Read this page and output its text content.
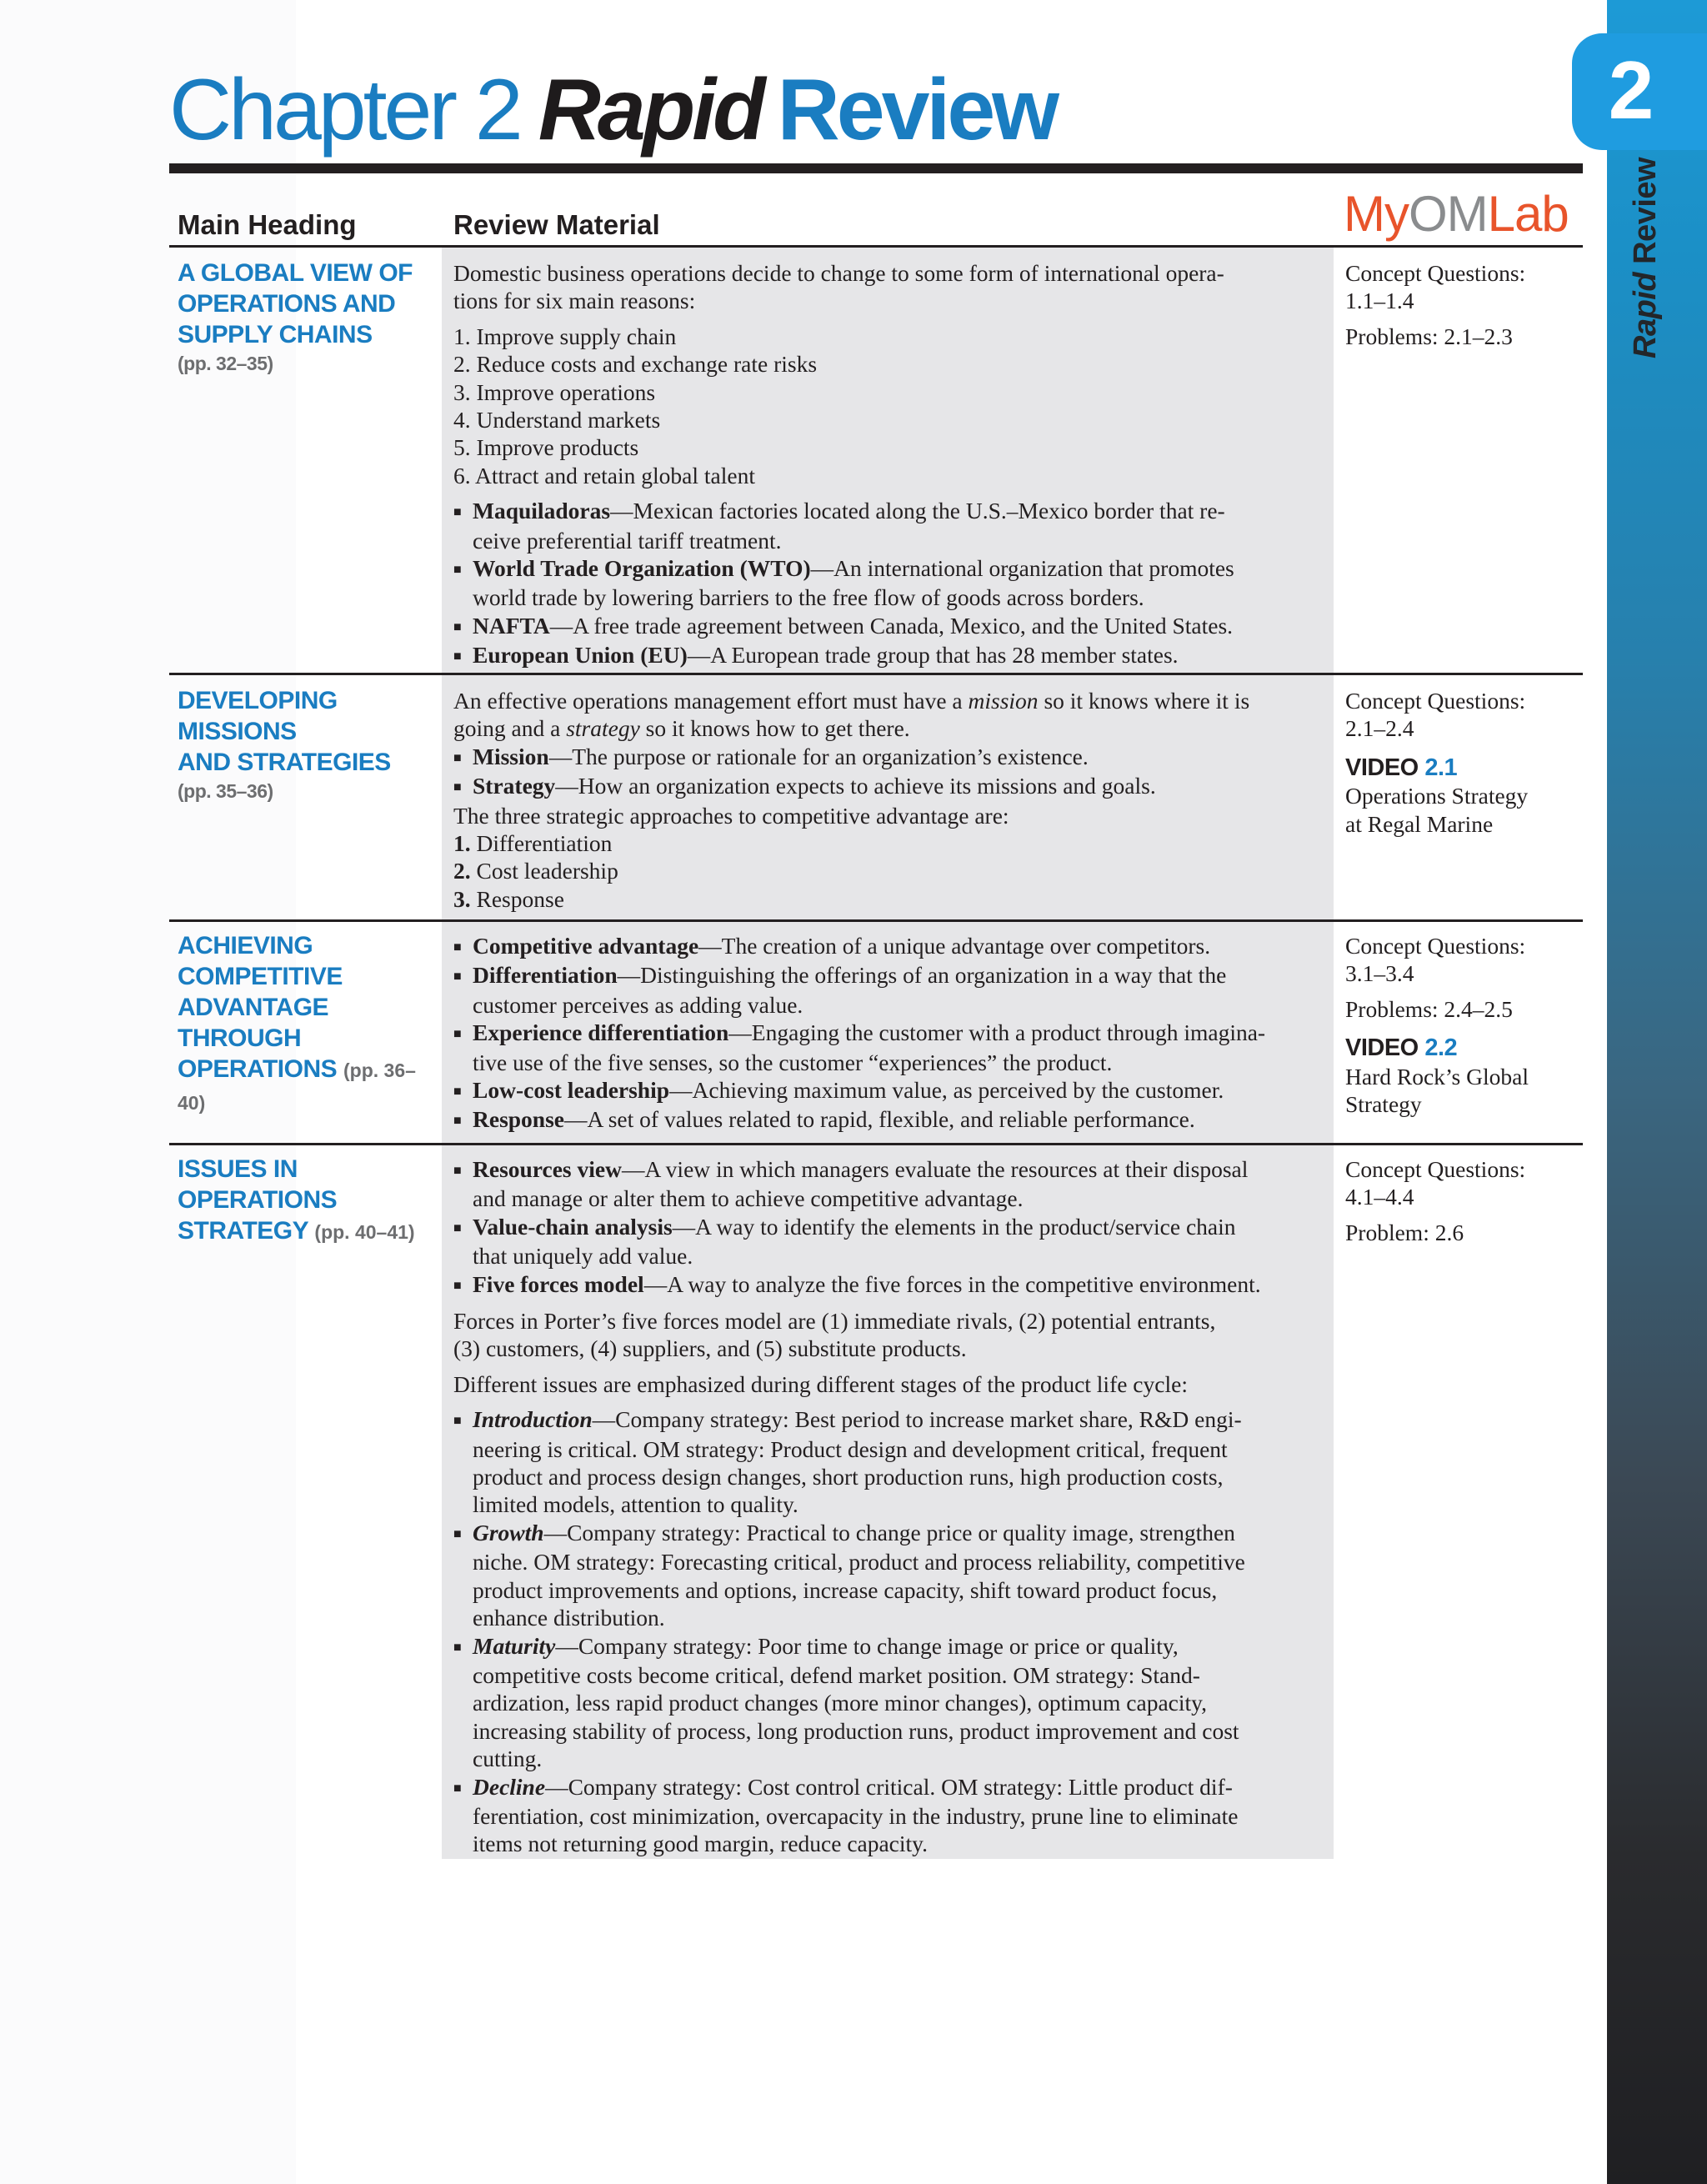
2
Rapid Review
Chapter 2 Rapid Review
MyOMLab
Main Heading	Review Material
A GLOBAL VIEW OF
OPERATIONS AND
SUPPLY CHAINS
(pp. 32–35)

Domestic business operations decide to change to some form of international opera-

tions for six main reasons:

1. Improve supply chain

2. Reduce costs and exchange rate risks

3. Improve operations

4. Understand markets

5. Improve products

6. Attract and retain global talent

■ Maquiladoras—Mexican factories located along the U.S.–Mexico border that re-
ceive preferential tariff treatment.

■ World Trade Organization (WTO)—An international organization that promotes
world trade by lowering barriers to the free flow of goods across borders.

■ NAFTA—A free trade agreement between Canada, Mexico, and the United States.

■ European Union (EU)—A European trade group that has 28 member states.

Concept Questions:

1.1–1.4

Problems: 2.1–2.3

DEVELOPING MISSIONS
AND STRATEGIES
(pp. 35–36)

An effective operations management effort must have a mission so it knows where it is

going and a strategy so it knows how to get there.

■ Mission—The purpose or rationale for an organization’s existence.

■ Strategy—How an organization expects to achieve its missions and goals.

The three strategic approaches to competitive advantage are:

1. Differentiation

2. Cost leadership

3. Response

Concept Questions:

2.1–2.4

VIDEO 2.1

Operations Strategy

at Regal Marine

ACHIEVING
COMPETITIVE
ADVANTAGE THROUGH
OPERATIONS (pp. 36–40)

■ Competitive advantage—The creation of a unique advantage over competitors.

■ Differentiation—Distinguishing the offerings of an organization in a way that the
customer perceives as adding value.

■ Experience differentiation—Engaging the customer with a product through imagina-
tive use of the five senses, so the customer “experiences” the product.

■ Low-cost leadership—Achieving maximum value, as perceived by the customer.

■ Response—A set of values related to rapid, flexible, and reliable performance.

Concept Questions:

3.1–3.4

Problems: 2.4–2.5

VIDEO 2.2

Hard Rock’s Global

Strategy

ISSUES IN OPERATIONS
STRATEGY (pp. 40–41)

■ Resources view—A view in which managers evaluate the resources at their disposal
and manage or alter them to achieve competitive advantage.

■ Value-chain analysis—A way to identify the elements in the product/service chain
that uniquely add value.

■ Five forces model—A way to analyze the five forces in the competitive environment.

Forces in Porter’s five forces model are (1) immediate rivals, (2) potential entrants,

(3) customers, (4) suppliers, and (5) substitute products.

Different issues are emphasized during different stages of the product life cycle:

■ Introduction—Company strategy: Best period to increase market share, R&D engi-
neering is critical. OM strategy: Product design and development critical, frequent
product and process design changes, short production runs, high production costs,
limited models, attention to quality.

■ Growth—Company strategy: Practical to change price or quality image, strengthen
niche. OM strategy: Forecasting critical, product and process reliability, competitive
product improvements and options, increase capacity, shift toward product focus,
enhance distribution.

■ Maturity—Company strategy: Poor time to change image or price or quality,
competitive costs become critical, defend market position. OM strategy: Stand-
ardization, less rapid product changes (more minor changes), optimum capacity,
increasing stability of process, long production runs, product improvement and cost
cutting.

■ Decline—Company strategy: Cost control critical. OM strategy: Little product dif-
ferentiation, cost minimization, overcapacity in the industry, prune line to eliminate
items not returning good margin, reduce capacity.

Concept Questions:

4.1–4.4

Problem: 2.6
